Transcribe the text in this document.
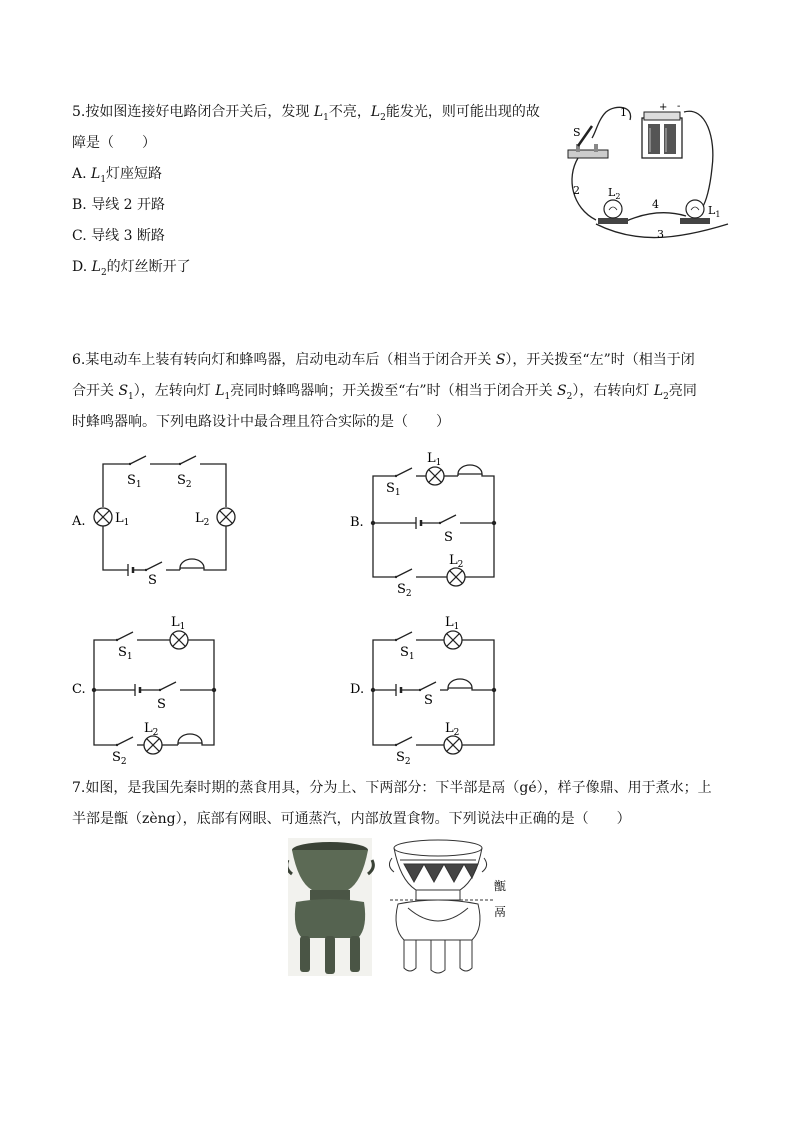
5.按如图连接好电路闭合开关后，发现 $L_1$不亮，$L_2$能发光，则可能出现的故

障是（　　）

A. $L_1$灯座短路

B. 导线 2 开路

C. 导线 3 断路

D. $L_2$的灯丝断开了

+ -
S
$L_2$
$L_1$
1
2
4
3

6.某电动车上装有转向灯和蜂鸣器，启动电动车后（相当于闭合开关 S），开关拨至“左”时（相当于闭

合开关 $S_1$），左转向灯 $L_1$亮同时蜂鸣器响；开关拨至“右”时（相当于闭合开关 $S_2$），右转向灯 $L_2$亮同

时蜂鸣器响。下列电路设计中最合理且符合实际的是（　　）

A.
$S_1$	$S_2$
$L_1$	$L_2$
S
B.
$S_1$
$L_1$
S
$L_2$
$S_2$
C.
$S_1$
$L_1$
S
$L_2$
$S_2$
D.
$S_1$
$L_1$
S
$L_2$
$S_2$

7.如图，是我国先秦时期的蒸食用具，分为上、下两部分：下半部是鬲（gé），样子像鼎、用于煮水；上

半部是甑（zèng），底部有网眼、可通蒸汽，内部放置食物。下列说法中正确的是（　　）

甑
鬲
